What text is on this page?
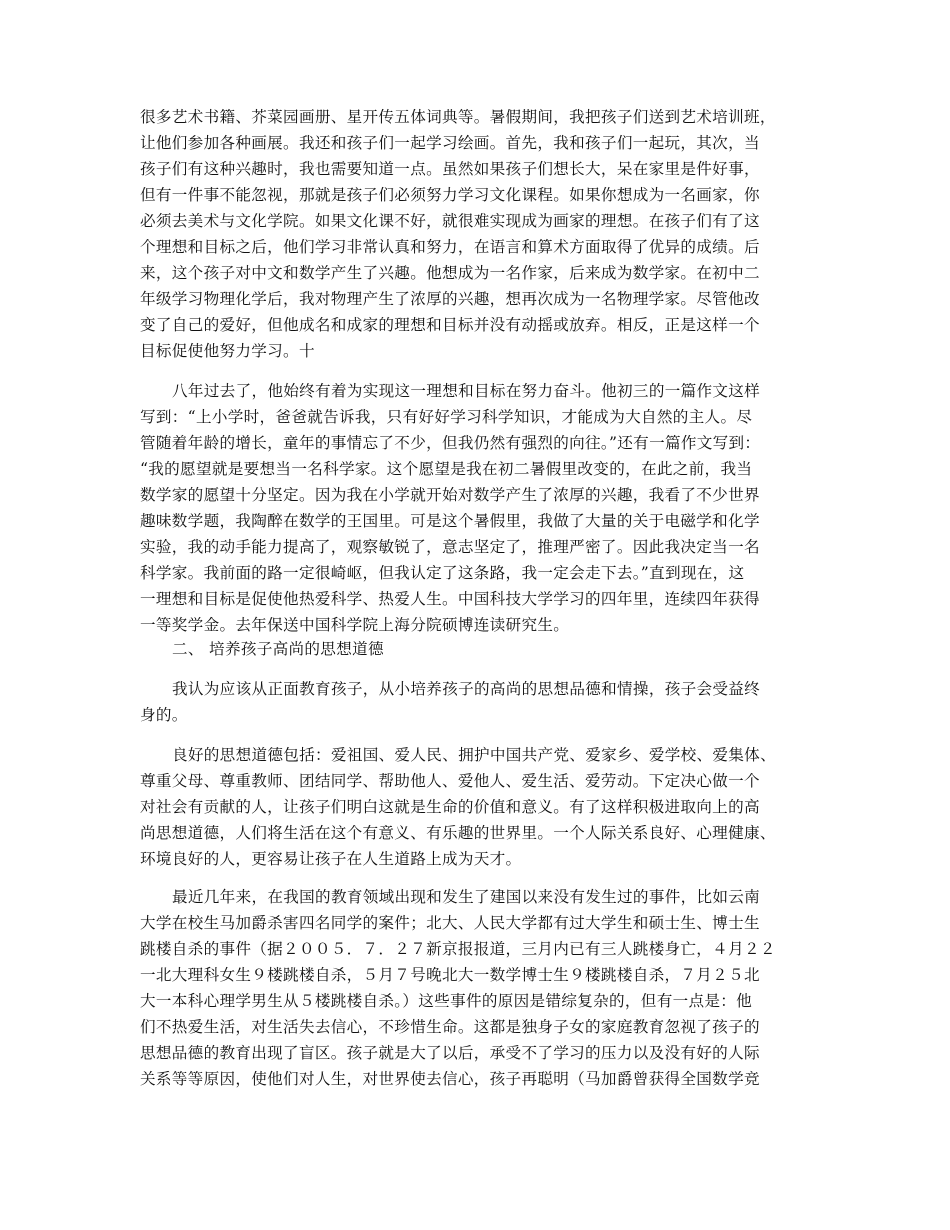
很多艺术书籍、芥菜园画册、星开传五体词典等。暑假期间，我把孩子们送到艺术培训班，
让他们参加各种画展。我还和孩子们一起学习绘画。首先，我和孩子们一起玩，其次，当
孩子们有这种兴趣时，我也需要知道一点。虽然如果孩子们想长大，呆在家里是件好事，
但有一件事不能忽视，那就是孩子们必须努力学习文化课程。如果你想成为一名画家，你
必须去美术与文化学院。如果文化课不好，就很难实现成为画家的理想。在孩子们有了这
个理想和目标之后，他们学习非常认真和努力，在语言和算术方面取得了优异的成绩。后
来，这个孩子对中文和数学产生了兴趣。他想成为一名作家，后来成为数学家。在初中二
年级学习物理化学后，我对物理产生了浓厚的兴趣，想再次成为一名物理学家。尽管他改
变了自己的爱好，但他成名和成家的理想和目标并没有动摇或放弃。相反，正是这样一个
目标促使他努力学习。十
八年过去了，他始终有着为实现这一理想和目标在努力奋斗。他初三的一篇作文这样
写到：“上小学时，爸爸就告诉我，只有好好学习科学知识，才能成为大自然的主人。尽
管随着年龄的增长，童年的事情忘了不少，但我仍然有强烈的向往。”还有一篇作文写到：
“我的愿望就是要想当一名科学家。这个愿望是我在初二暑假里改变的，在此之前，我当
数学家的愿望十分坚定。因为我在小学就开始对数学产生了浓厚的兴趣，我看了不少世界
趣味数学题，我陶醉在数学的王国里。可是这个暑假里，我做了大量的关于电磁学和化学
实验，我的动手能力提高了，观察敏锐了，意志坚定了，推理严密了。因此我决定当一名
科学家。我前面的路一定很崎岖，但我认定了这条路，我一定会走下去。”直到现在，这
一理想和目标是促使他热爱科学、热爱人生。中国科技大学学习的四年里，连续四年获得
一等奖学金。去年保送中国科学院上海分院硕博连读研究生。
二、 培养孩子高尚的思想道德
我认为应该从正面教育孩子，从小培养孩子的高尚的思想品德和情操，孩子会受益终
身的。
良好的思想道德包括：爱祖国、爱人民、拥护中国共产党、爱家乡、爱学校、爱集体、
尊重父母、尊重教师、团结同学、帮助他人、爱他人、爱生活、爱劳动。下定决心做一个
对社会有贡献的人，让孩子们明白这就是生命的价值和意义。有了这样积极进取向上的高
尚思想道德，人们将生活在这个有意义、有乐趣的世界里。一个人际关系良好、心理健康、
环境良好的人，更容易让孩子在人生道路上成为天才。
最近几年来，在我国的教育领域出现和发生了建国以来没有发生过的事件，比如云南
大学在校生马加爵杀害四名同学的案件；北大、人民大学都有过大学生和硕士生、博士生
跳楼自杀的事件（据２００５．７．２７新京报报道，三月内已有三人跳楼身亡，４月２２
一北大理科女生９楼跳楼自杀，５月７号晚北大一数学博士生９楼跳楼自杀，７月２５北
大一本科心理学男生从５楼跳楼自杀。）这些事件的原因是错综复杂的，但有一点是：他
们不热爱生活，对生活失去信心，不珍惜生命。这都是独身子女的家庭教育忽视了孩子的
思想品德的教育出现了盲区。孩子就是大了以后，承受不了学习的压力以及没有好的人际
关系等等原因，使他们对人生，对世界使去信心，孩子再聪明（马加爵曾获得全国数学竞
